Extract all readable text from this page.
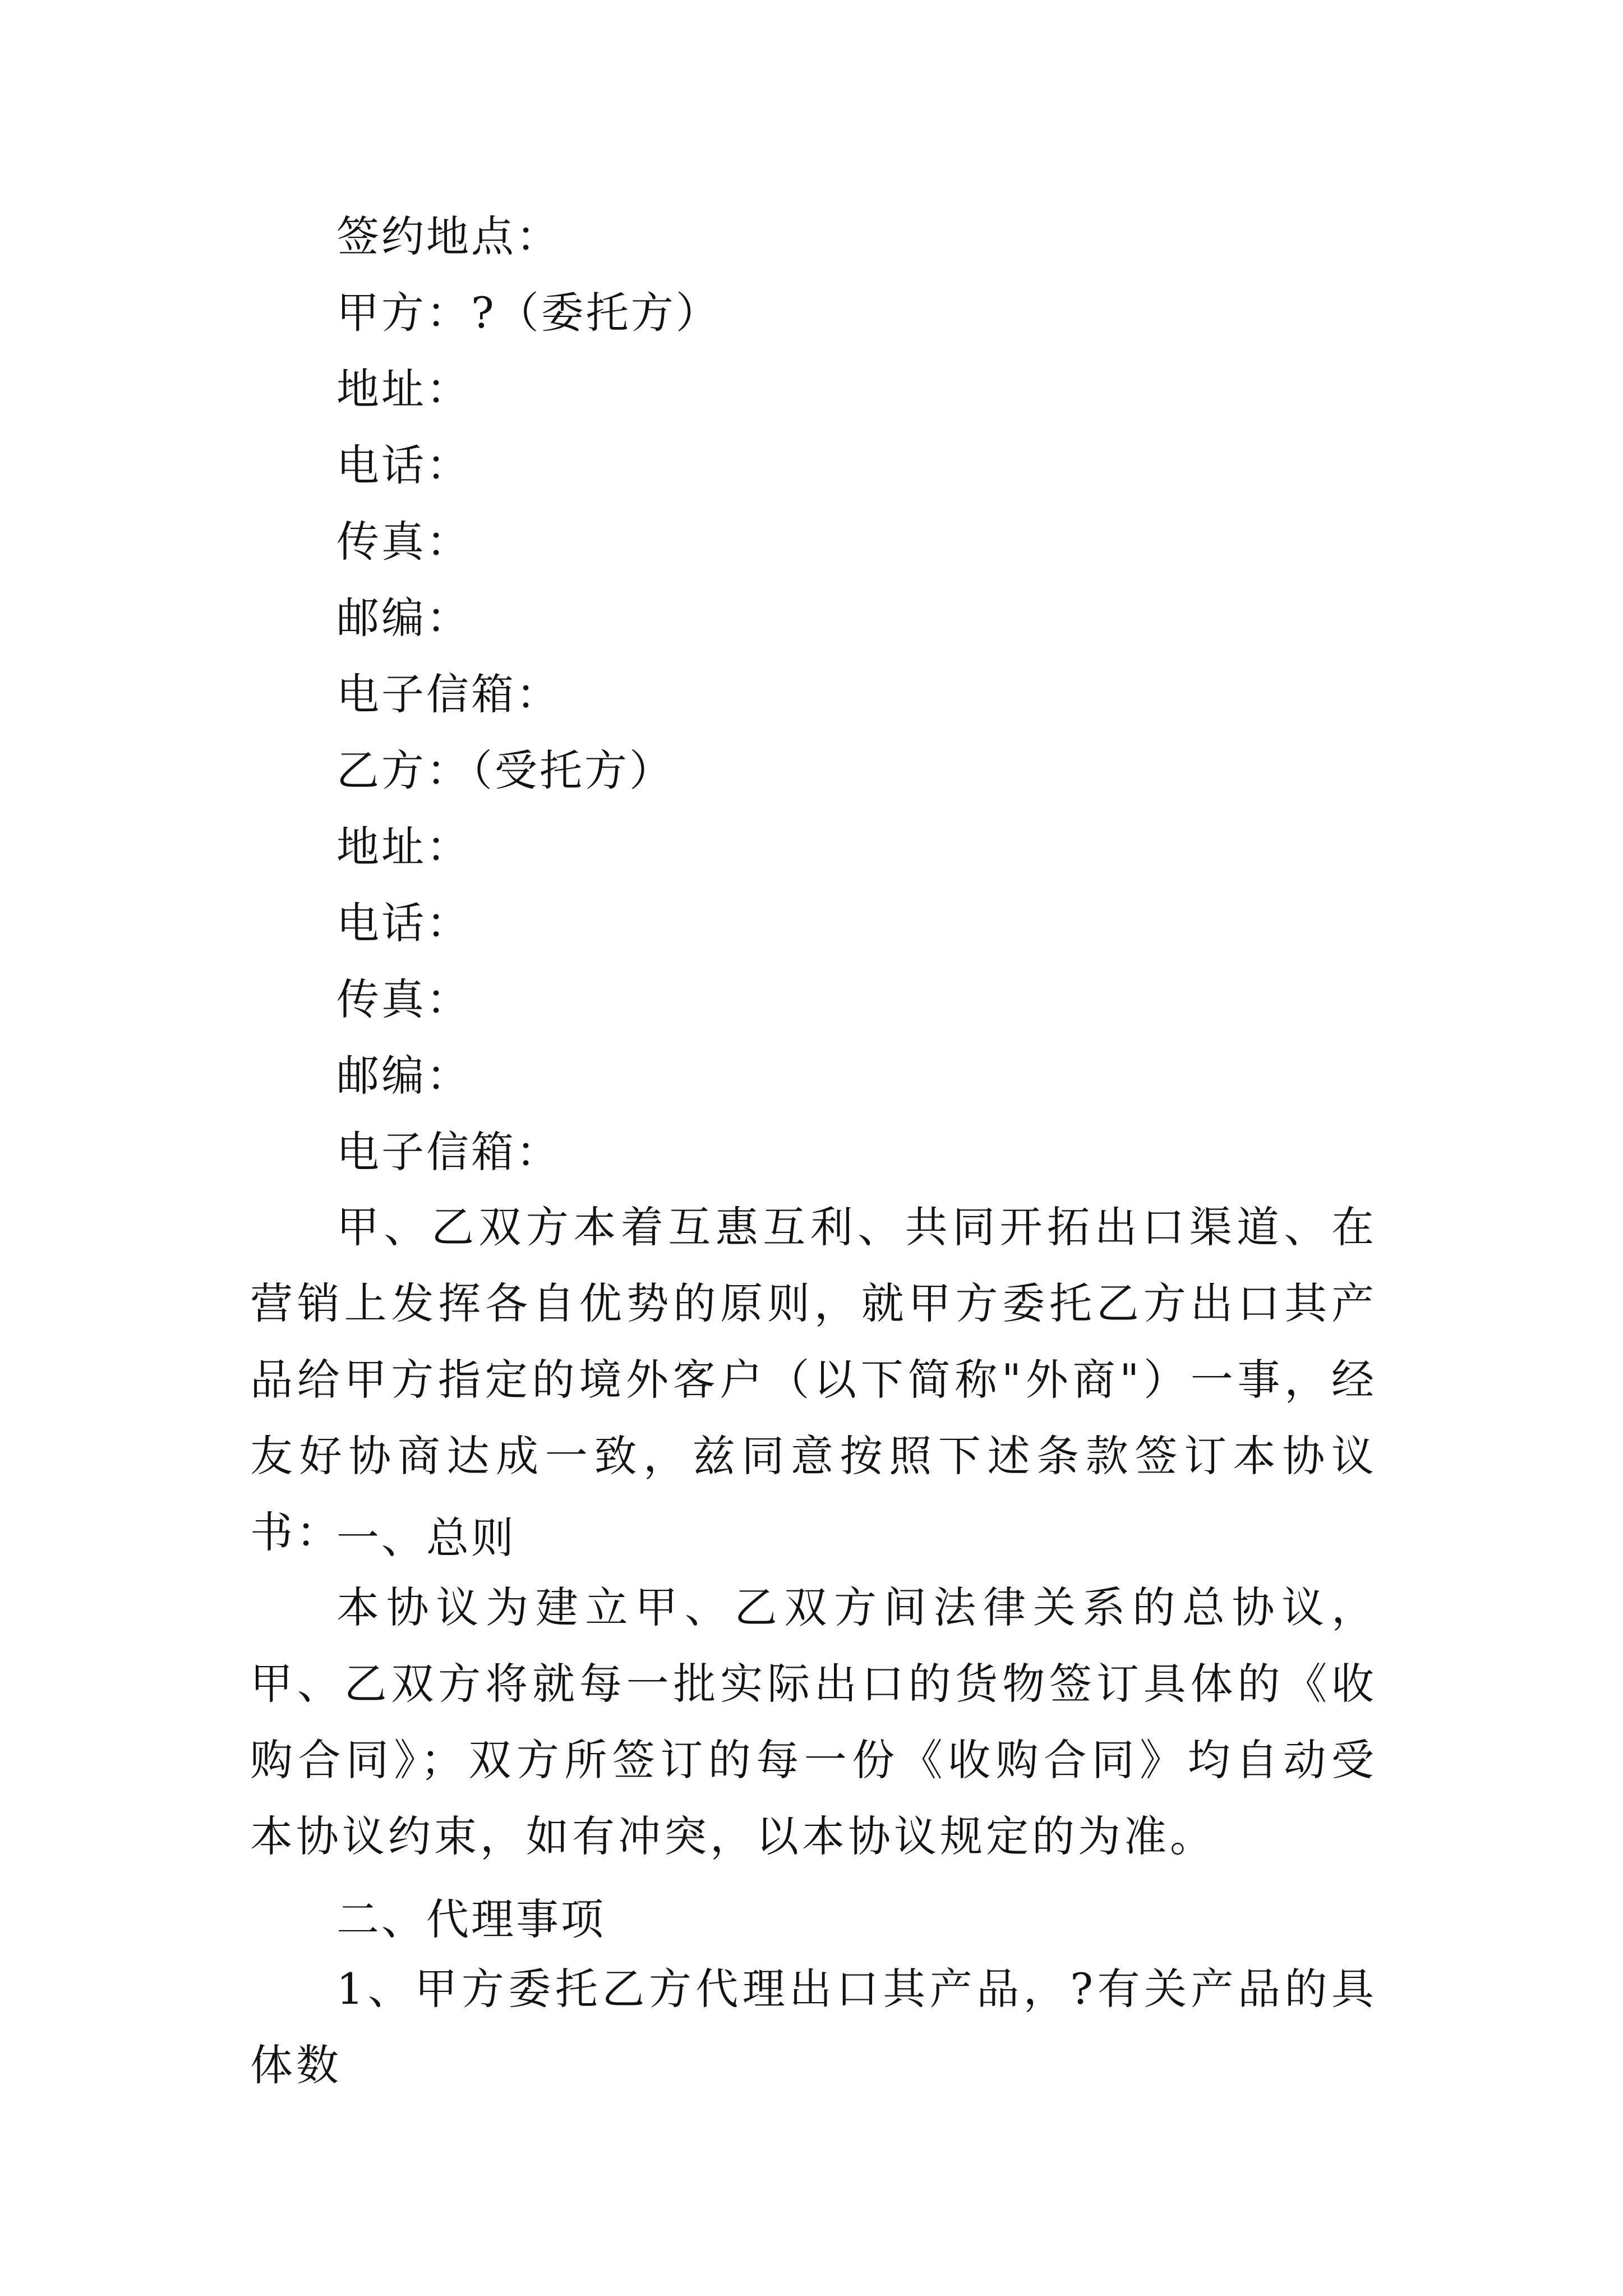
签约地点：
甲方：?（委托方）
地址：
电话：
传真：
邮编：
电子信箱：
乙方：（受托方）
地址：
电话：
传真：
邮编：
电子信箱：

甲、乙双方本着互惠互利、共同开拓出口渠道、在营销上发挥各自优势的原则，就甲方委托乙方出口其产品给甲方指定的境外客户（以下简称"外商"）一事，经友好协商达成一致，兹同意按照下述条款签订本协议书：

一、总则

本协议为建立甲、乙双方间法律关系的总协议，甲、乙双方将就每一批实际出口的货物签订具体的《收购合同》；双方所签订的每一份《收购合同》均自动受本协议约束，如有冲突，以本协议规定的为准。

二、代理事项

1、甲方委托乙方代理出口其产品，?有关产品的具体数
